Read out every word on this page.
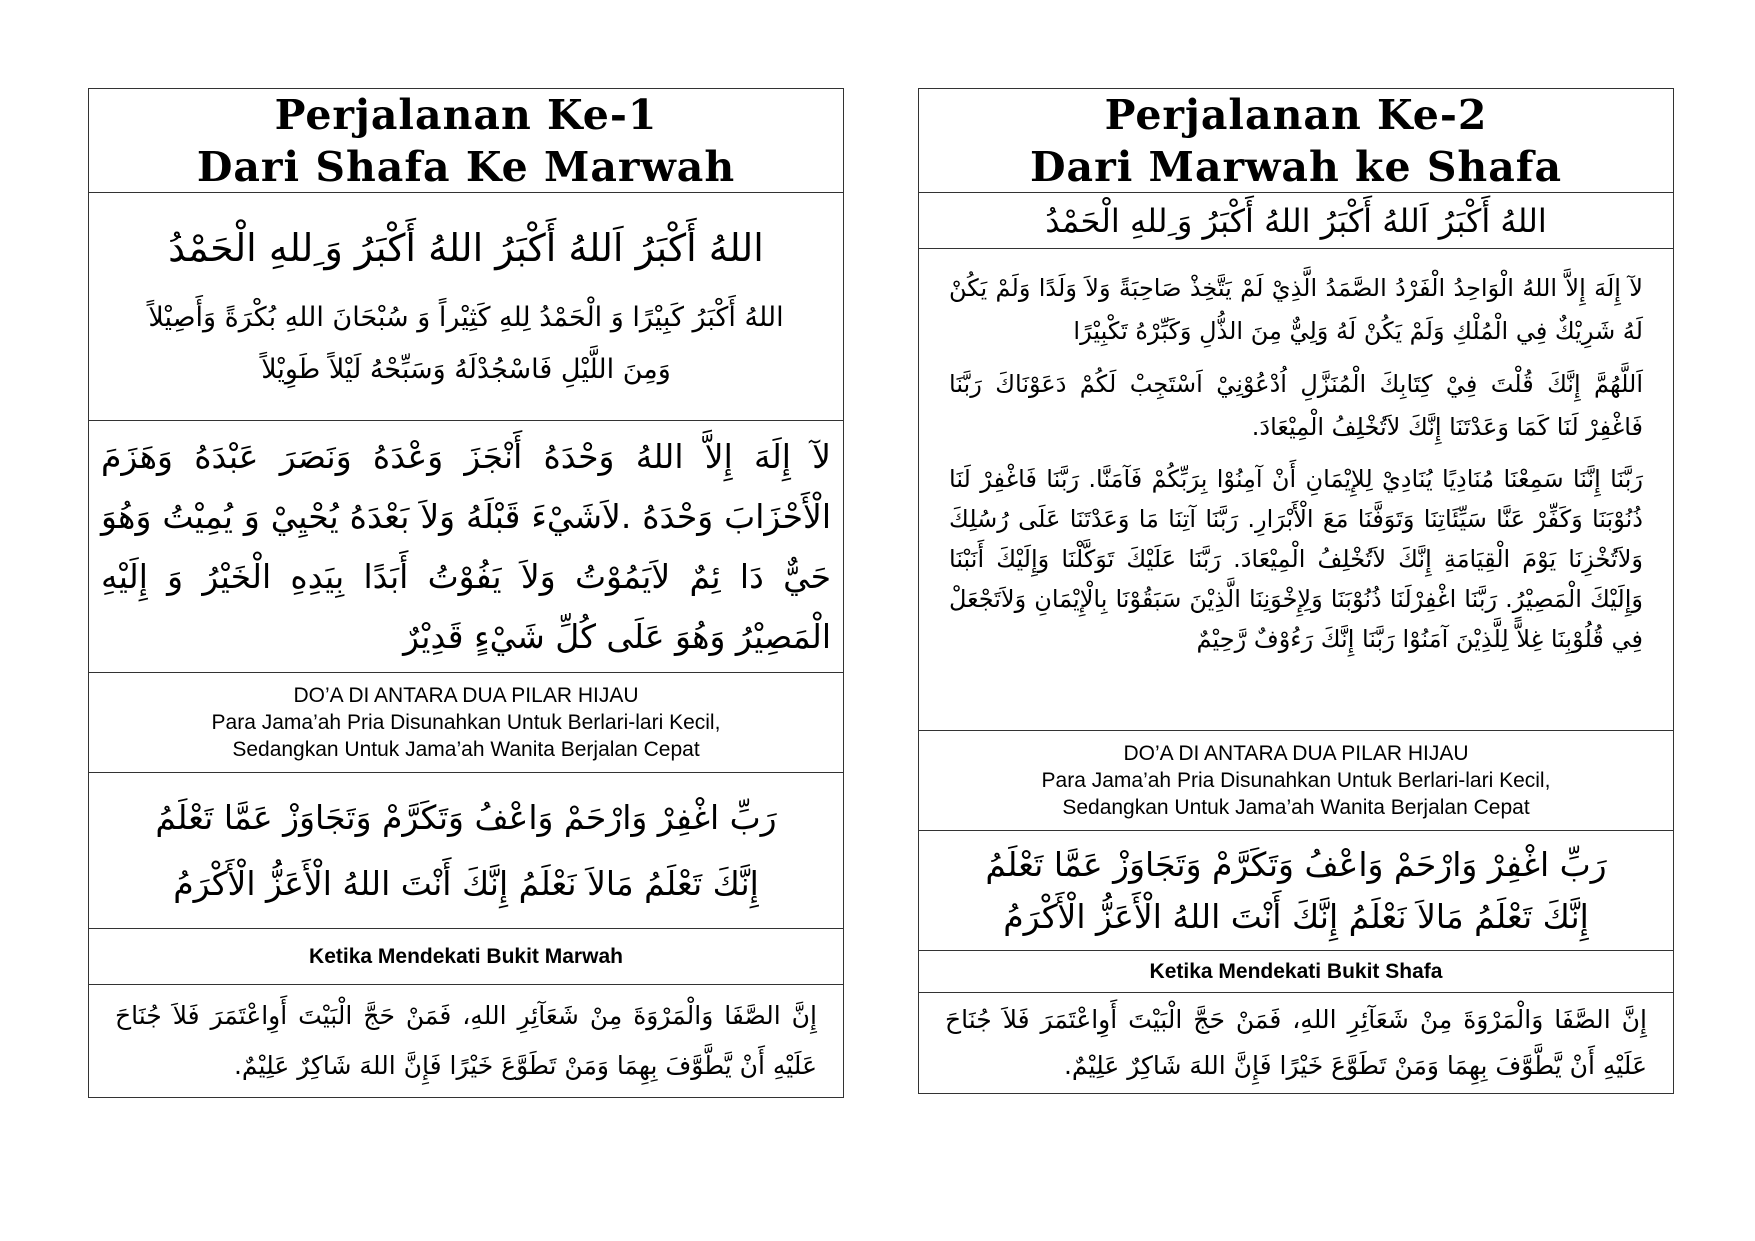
Perjalanan Ke-1
Dari Shafa Ke Marwah
اللهُ أَكْبَرُ اَللهُ أَكْبَرُ اللهُ أَكْبَرُ وَ ِللهِ الْحَمْدُ
اللهُ أَكْبَرُ كَبِيْرًا وَ الْحَمْدُ لِلهِ كَثِيْراً وَ سُبْحَانَ اللهِ بُكْرَةً وَأَصِيْلاً وَمِنَ اللَّيْلِ فَاسْجُدْلَهُ وَسَبِّحْهُ لَيْلاً طَوِيْلاً
لآ إِلَهَ إِلاَّ اللهُ وَحْدَهُ أَنْجَزَ وَعْدَهُ وَنَصَرَ عَبْدَهُ وَهَزَمَ الْأَحْزَابَ وَحْدَهُ .لاَشَيْءَ قَبْلَهُ وَلاَ بَعْدَهُ يُحْيِيْ وَ يُمِيْتُ وَهُوَ حَيٌّ دَا ئِمٌ لاَيَمُوْتُ وَلاَ يَفُوْتُ أَبَدًا بِيَدِهِ الْخَيْرُ وَ إِلَيْهِ الْمَصِيْرُ وَهُوَ عَلَى كُلِّ شَيْءٍ قَدِيْرٌ
DO’A DI ANTARA DUA PILAR HIJAU
Para Jama’ah Pria Disunahkan Untuk Berlari-lari Kecil,
Sedangkan Untuk Jama’ah Wanita Berjalan Cepat
رَبِّ اغْفِرْ وَارْحَمْ وَاعْفُ وَتَكَرَّمْ وَتَجَاوَزْ عَمَّا تَعْلَمُ
إِنَّكَ تَعْلَمُ مَالاَ نَعْلَمُ إِنَّكَ أَنْتَ اللهُ الْأَعَزُّ الْأَكْرَمُ
Ketika Mendekati Bukit Marwah
إِنَّ الصَّفَا وَالْمَرْوَةَ مِنْ شَعَآئِرِ اللهِ، فَمَنْ حَجَّ الْبَيْتَ أَوِاعْتَمَرَ فَلاَ جُنَاحَ عَلَيْهِ أَنْ يَّطَّوَّفَ بِهِمَا وَمَنْ تَطَوَّعَ خَيْرًا فَإِنَّ اللهَ شَاكِرٌ عَلِيْمٌ.
Perjalanan Ke-2
Dari Marwah ke Shafa
اللهُ أَكْبَرُ اَللهُ أَكْبَرُ اللهُ أَكْبَرُ وَ ِللهِ الْحَمْدُ
لآ إِلَهَ إِلاَّ اللهُ الْوَاحِدُ الْفَرْدُ الصَّمَدُ الَّذِيْ لَمْ يَتَّخِذْ صَاحِبَةً وَلاَ وَلَدًا وَلَمْ يَكُنْ لَهُ شَرِيْكٌ فِي الْمُلْكِ وَلَمْ يَكُنْ لَهُ وَلِيٌّ مِنَ الذُّلِ وَكَبِّرْهُ تَكْبِيْرًا
اَللَّهُمَّ إِنَّكَ قُلْتَ فِيْ كِتَابِكَ الْمُنَزَّلِ اُدْعُوْنِيْ اَسْتَجِبْ لَكُمْ دَعَوْنَاكَ رَبَّنَا فَاغْفِرْ لَنَا كَمَا وَعَدْتَنَا إِنَّكَ لاَتُخْلِفُ الْمِيْعَادَ.
رَبَّنَا إِنَّنَا سَمِعْنَا مُنَادِيًا يُنَادِيْ لِلإِيْمَانِ أَنْ آمِنُوْا بِرَبِّكُمْ فَآمَنَّا. رَبَّنَا فَاغْفِرْ لَنَا ذُنُوْبَنَا وَكَفِّرْ عَنَّا سَيِّئَاتِنَا وَتَوَفَّنَا مَعَ الْأَبْرَارِ. رَبَّنَا آتِنَا مَا وَعَدْتَنَا عَلَى رُسُلِكَ وَلاَتُخْزِنَا يَوْمَ الْقِيَامَةِ إِنَّكَ لاَتُخْلِفُ الْمِيْعَادَ. رَبَّنَا عَلَيْكَ تَوَكَّلْنَا وَإِلَيْكَ أَنَبْنَا وَإِلَيْكَ الْمَصِيْرُ. رَبَّنَا اغْفِرْلَنَا ذُنُوْبَنَا وَلِإِخْوَنِنَا الَّذِيْنَ سَبَقُوْنَا بِالْإِيْمَانِ وَلاَتَجْعَلْ فِي قُلُوْبِنَا غِلاًّ لِلَّذِيْنَ آمَنُوْا رَبَّنَا إِنَّكَ رَءُوْفٌ رَّحِيْمٌ
DO’A DI ANTARA DUA PILAR HIJAU
Para Jama’ah Pria Disunahkan Untuk Berlari-lari Kecil,
Sedangkan Untuk Jama’ah Wanita Berjalan Cepat
رَبِّ اغْفِرْ وَارْحَمْ وَاعْفُ وَتَكَرَّمْ وَتَجَاوَزْ عَمَّا تَعْلَمُ
إِنَّكَ تَعْلَمُ مَالاَ نَعْلَمُ إِنَّكَ أَنْتَ اللهُ الْأَعَزُّ الْأَكْرَمُ
Ketika Mendekati Bukit Shafa
إِنَّ الصَّفَا وَالْمَرْوَةَ مِنْ شَعَآئِرِ اللهِ، فَمَنْ حَجَّ الْبَيْتَ أَوِاعْتَمَرَ فَلاَ جُنَاحَ عَلَيْهِ أَنْ يَّطَّوَّفَ بِهِمَا وَمَنْ تَطَوَّعَ خَيْرًا فَإِنَّ اللهَ شَاكِرٌ عَلِيْمٌ.
